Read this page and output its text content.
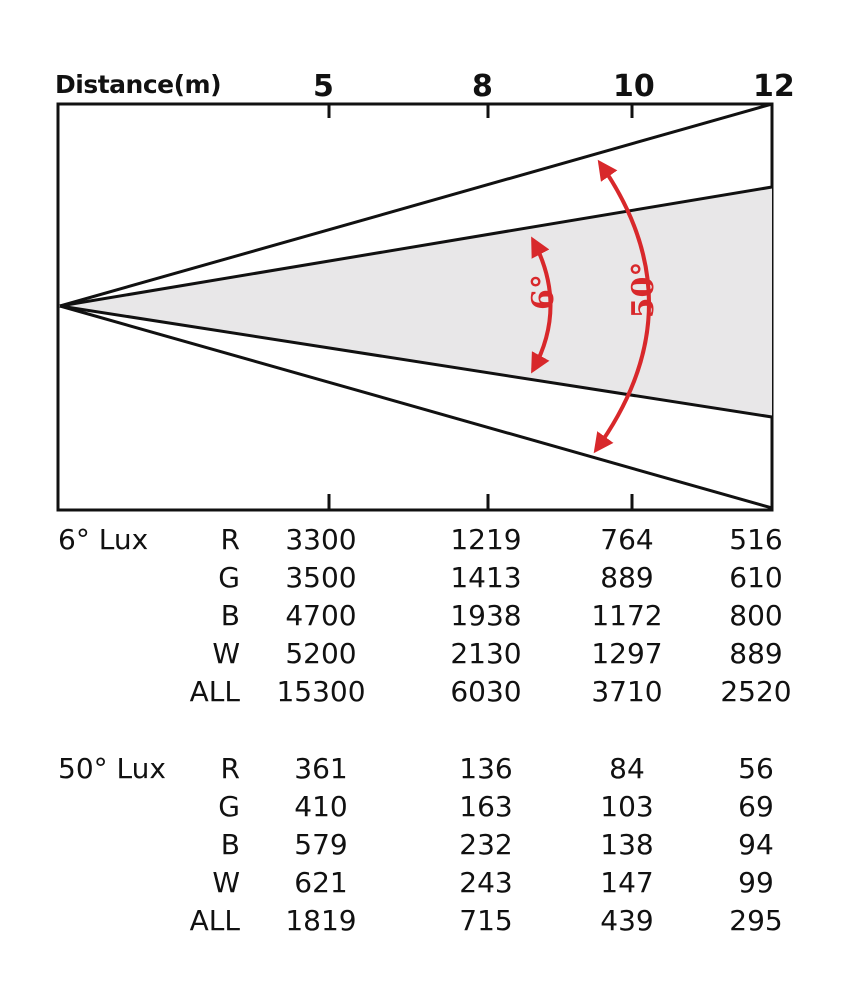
Distance(m)	5	8	10	12
6° 50°
6° Lux	R	3300	1219	764	516
G	3500	1413	889	610
B	4700	1938	1172	800
W	5200	2130	1297	889
ALL	15300	6030	3710	2520
50° Lux	R	361	136	84	56
G	410	163	103	69
B	579	232	138	94
W	621	243	147	99
ALL	1819	715	439	295
